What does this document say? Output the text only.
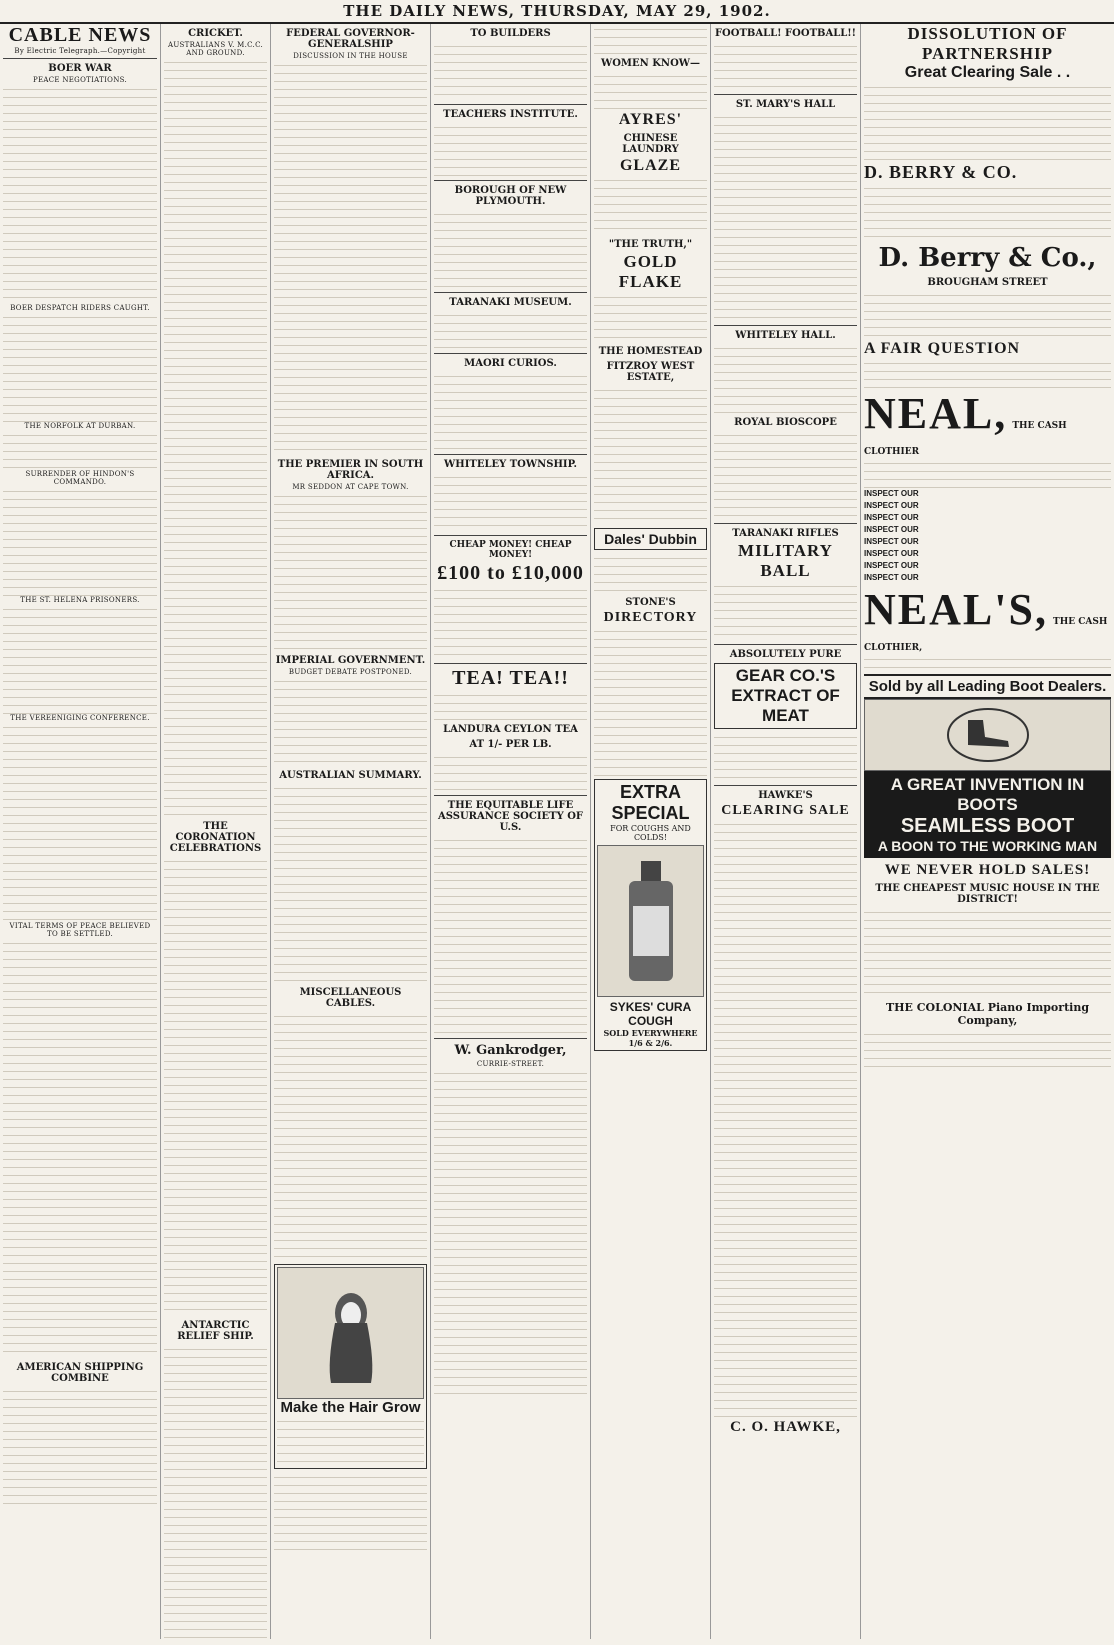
THE DAILY NEWS, THURSDAY, MAY 29, 1902.
CABLE NEWS
By Electric Telegraph.—Copyright
BOER WAR
PEACE NEGOTIATIONS.
BOER DESPATCH RIDERS CAUGHT.
THE NORFOLK AT DURBAN.
SURRENDER OF HINDON'S COMMANDO.
THE ST. HELENA PRISONERS.
THE VEREENIGING CONFERENCE.
VITAL TERMS OF PEACE BELIEVED TO BE SETTLED.
AMERICAN SHIPPING COMBINE
CRICKET.
AUSTRALIANS V. M.C.C. AND GROUND.
THE CORONATION CELEBRATIONS
ANTARCTIC RELIEF SHIP.
FEDERAL GOVERNOR-GENERALSHIP
DISCUSSION IN THE HOUSE
THE PREMIER IN SOUTH AFRICA.
MR SEDDON AT CAPE TOWN.
IMPERIAL GOVERNMENT.
BUDGET DEBATE POSTPONED.
AUSTRALIAN SUMMARY.
MISCELLANEOUS CABLES.
Make the Hair Grow
TO BUILDERS
TEACHERS INSTITUTE.
BOROUGH OF NEW PLYMOUTH.
TARANAKI MUSEUM.
MAORI CURIOS.
WHITELEY TOWNSHIP.
CHEAP MONEY! CHEAP MONEY!
£100 to £10,000
TEA! TEA!!
LANDURA CEYLON TEA
AT 1/- PER LB.
THE EQUITABLE LIFE ASSURANCE SOCIETY OF U.S.
W. Gankrodger,
CURRIE-STREET.
WOMEN KNOW—
AYRES'
CHINESE LAUNDRY
GLAZE
"THE TRUTH,"
GOLD FLAKE
THE HOMESTEAD
FITZROY WEST ESTATE,
Dales' Dubbin
STONE'S
DIRECTORY
EXTRA SPECIAL
FOR COUGHS AND COLDS!
SYKES' CURA COUGH
SOLD EVERYWHERE 1/6 & 2/6.
FOOTBALL! FOOTBALL!!
ST. MARY'S HALL
WHITELEY HALL.
ROYAL BIOSCOPE
TARANAKI RIFLES
MILITARY BALL
ABSOLUTELY PURE
GEAR CO.'S EXTRACT OF MEAT
HAWKE'S
CLEARING SALE
C. O. HAWKE,
DISSOLUTION OF PARTNERSHIP
Great Clearing Sale . .
D. BERRY & CO.
D. Berry & Co.,
BROUGHAM STREET
A FAIR QUESTION
NEAL, THE CASH CLOTHIER
INSPECT OUR
INSPECT OUR
INSPECT OUR
INSPECT OUR
INSPECT OUR
INSPECT OUR
INSPECT OUR
INSPECT OUR
NEAL'S, THE CASH CLOTHIER,
Sold by all Leading Boot Dealers.
A GREAT INVENTION IN BOOTS
SEAMLESS BOOT
A BOON TO THE WORKING MAN
WE NEVER HOLD SALES!
THE CHEAPEST MUSIC HOUSE IN THE DISTRICT!
THE COLONIAL Piano Importing Company,
